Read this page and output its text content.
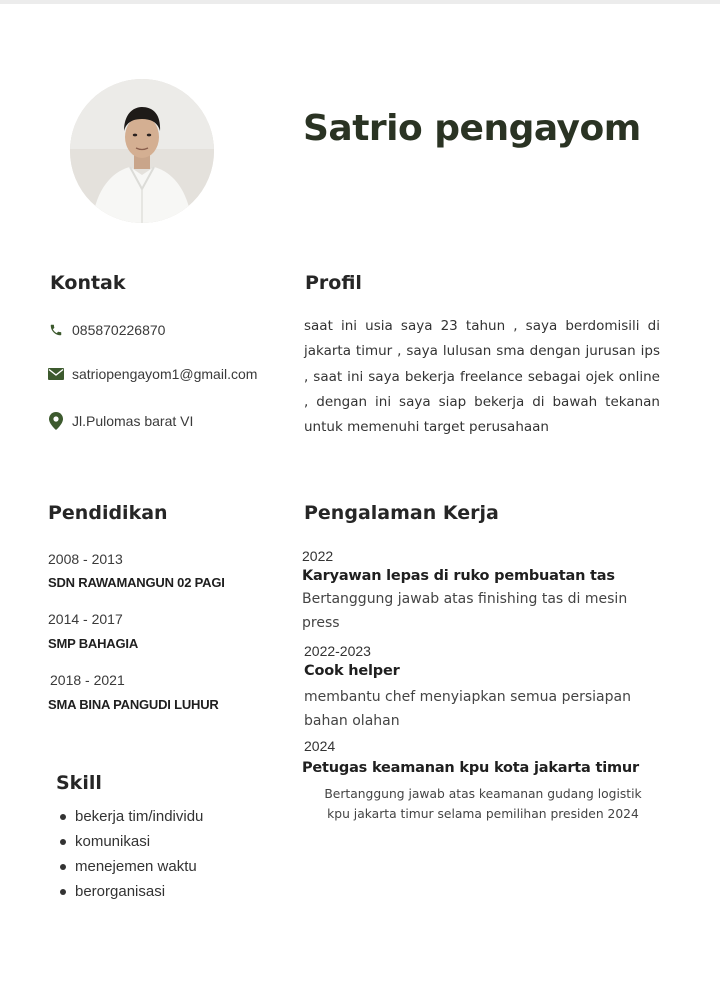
Satrio pengayom
Kontak
085870226870
satriopengayom1@gmail.com
Jl.Pulomas barat VI
Profil
saat ini usia saya 23 tahun , saya berdomisili di jakarta timur , saya lulusan sma dengan jurusan ips , saat ini saya bekerja freelance sebagai ojek online , dengan ini saya siap bekerja di bawah tekanan untuk memenuhi target perusahaan
Pendidikan
2008 - 2013
SDN RAWAMANGUN 02 PAGI
2014 - 2017
SMP BAHAGIA
2018 - 2021
SMA BINA PANGUDI LUHUR
Skill
bekerja tim/individu
komunikasi
menejemen waktu
berorganisasi
Pengalaman Kerja
2022
Karyawan lepas di ruko pembuatan tas
Bertanggung jawab atas finishing tas di mesin
press
2022-2023
Cook helper
membantu chef menyiapkan semua persiapan
bahan olahan
2024
Petugas keamanan kpu kota jakarta timur
Bertanggung jawab atas keamanan gudang logistik
kpu jakarta timur selama pemilihan presiden 2024
